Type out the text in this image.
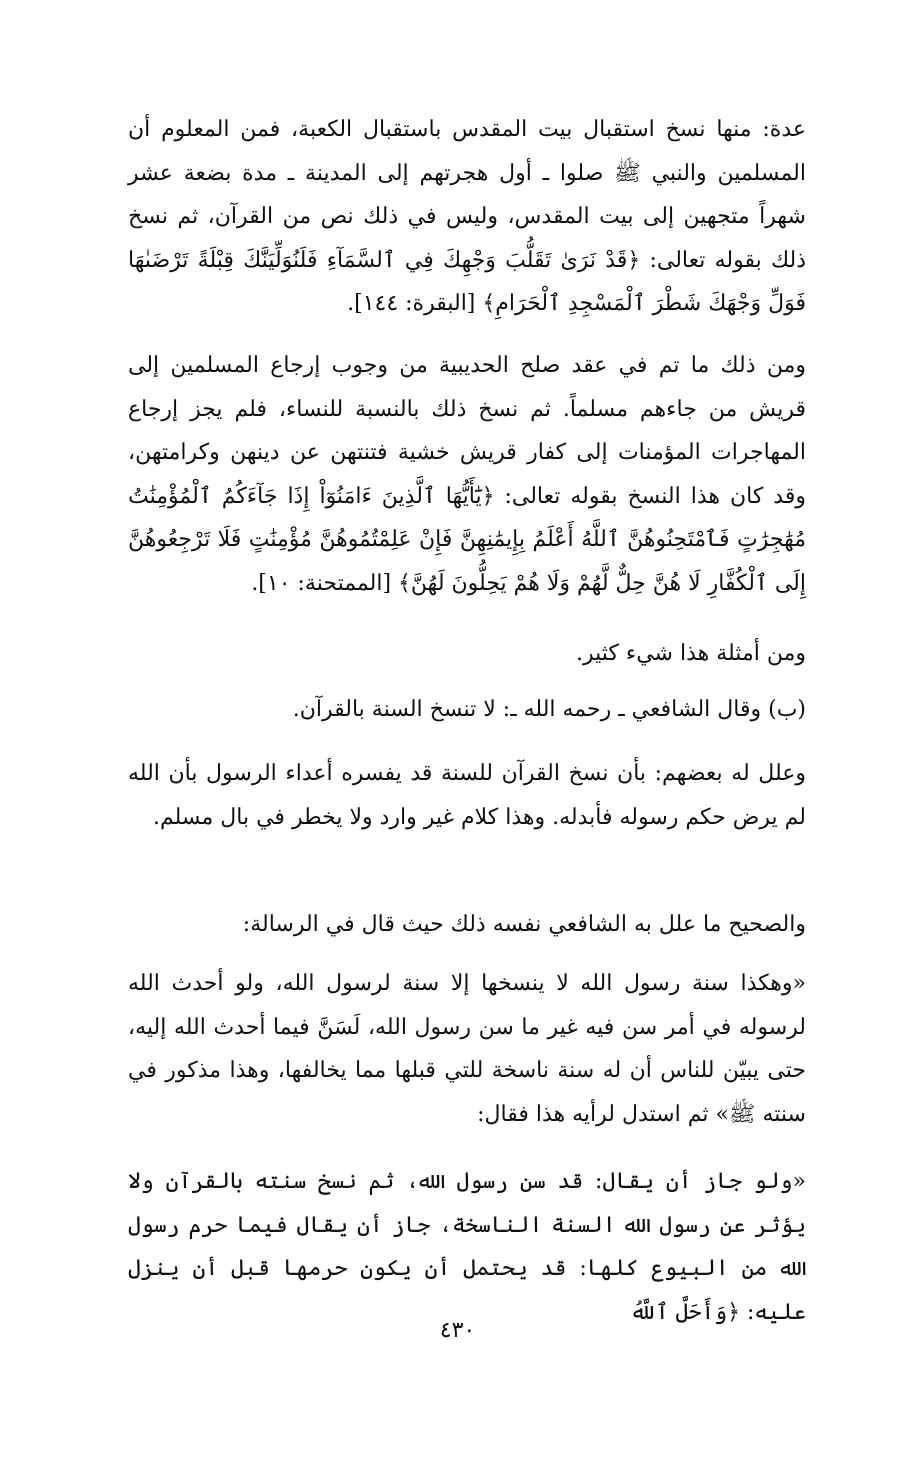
عدة: منها نسخ استقبال بيت المقدس باستقبال الكعبة، فمن المعلوم أن المسلمين والنبي ﷺ صلوا ـ أول هجرتهم إلى المدينة ـ مدة بضعة عشر شهراً متجهين إلى بيت المقدس، وليس في ذلك نص من القرآن، ثم نسخ ذلك بقوله تعالى: ﴿قَدْ نَرَىٰ تَقَلُّبَ وَجْهِكَ فِي ٱلسَّمَآءِ فَلَنُوَلِّيَنَّكَ قِبْلَةً تَرْضَىٰهَا فَوَلِّ وَجْهَكَ شَطْرَ ٱلْمَسْجِدِ ٱلْحَرَامِ﴾ [البقرة: ١٤٤].
ومن ذلك ما تم في عقد صلح الحديبية من وجوب إرجاع المسلمين إلى قريش من جاءهم مسلماً. ثم نسخ ذلك بالنسبة للنساء، فلم يجز إرجاع المهاجرات المؤمنات إلى كفار قريش خشية فتنتهن عن دينهن وكرامتهن، وقد كان هذا النسخ بقوله تعالى: ﴿يَٰٓأَيُّهَا ٱلَّذِينَ ءَامَنُوٓاْ إِذَا جَآءَكُمُ ٱلْمُؤْمِنَٰتُ مُهَٰجِرَٰتٍ فَٱمْتَحِنُوهُنَّ ٱللَّهُ أَعْلَمُ بِإِيمَٰنِهِنَّ فَإِنْ عَلِمْتُمُوهُنَّ مُؤْمِنَٰتٍ فَلَا تَرْجِعُوهُنَّ إِلَى ٱلْكُفَّارِ لَا هُنَّ حِلٌّ لَّهُمْ وَلَا هُمْ يَحِلُّونَ لَهُنَّ﴾ [الممتحنة: ١٠].
ومن أمثلة هذا شيء كثير.
(ب) وقال الشافعي ـ رحمه الله ـ: لا تنسخ السنة بالقرآن.
وعلل له بعضهم: بأن نسخ القرآن للسنة قد يفسره أعداء الرسول بأن الله لم يرض حكم رسوله فأبدله. وهذا كلام غير وارد ولا يخطر في بال مسلم.
والصحيح ما علل به الشافعي نفسه ذلك حيث قال في الرسالة:
«وهكذا سنة رسول الله لا ينسخها إلا سنة لرسول الله، ولو أحدث الله لرسوله في أمر سن فيه غير ما سن رسول الله، لَسَنَّ فيما أحدث الله إليه، حتى يبيّن للناس أن له سنة ناسخة للتي قبلها مما يخالفها، وهذا مذكور في سنته ﷺ» ثم استدل لرأيه هذا فقال:
«ولو جاز أن يقال: قد سن رسول الله، ثم نسخ سنته بالقرآن ولا يؤثر عن رسول الله السنة الناسخة، جاز أن يقال فيما حرم رسول الله من البيوع كلها: قد يحتمل أن يكون حرمها قبل أن ينزل عليه: ﴿وَأَحَلَّ ٱللَّهُ
٤٣٠
